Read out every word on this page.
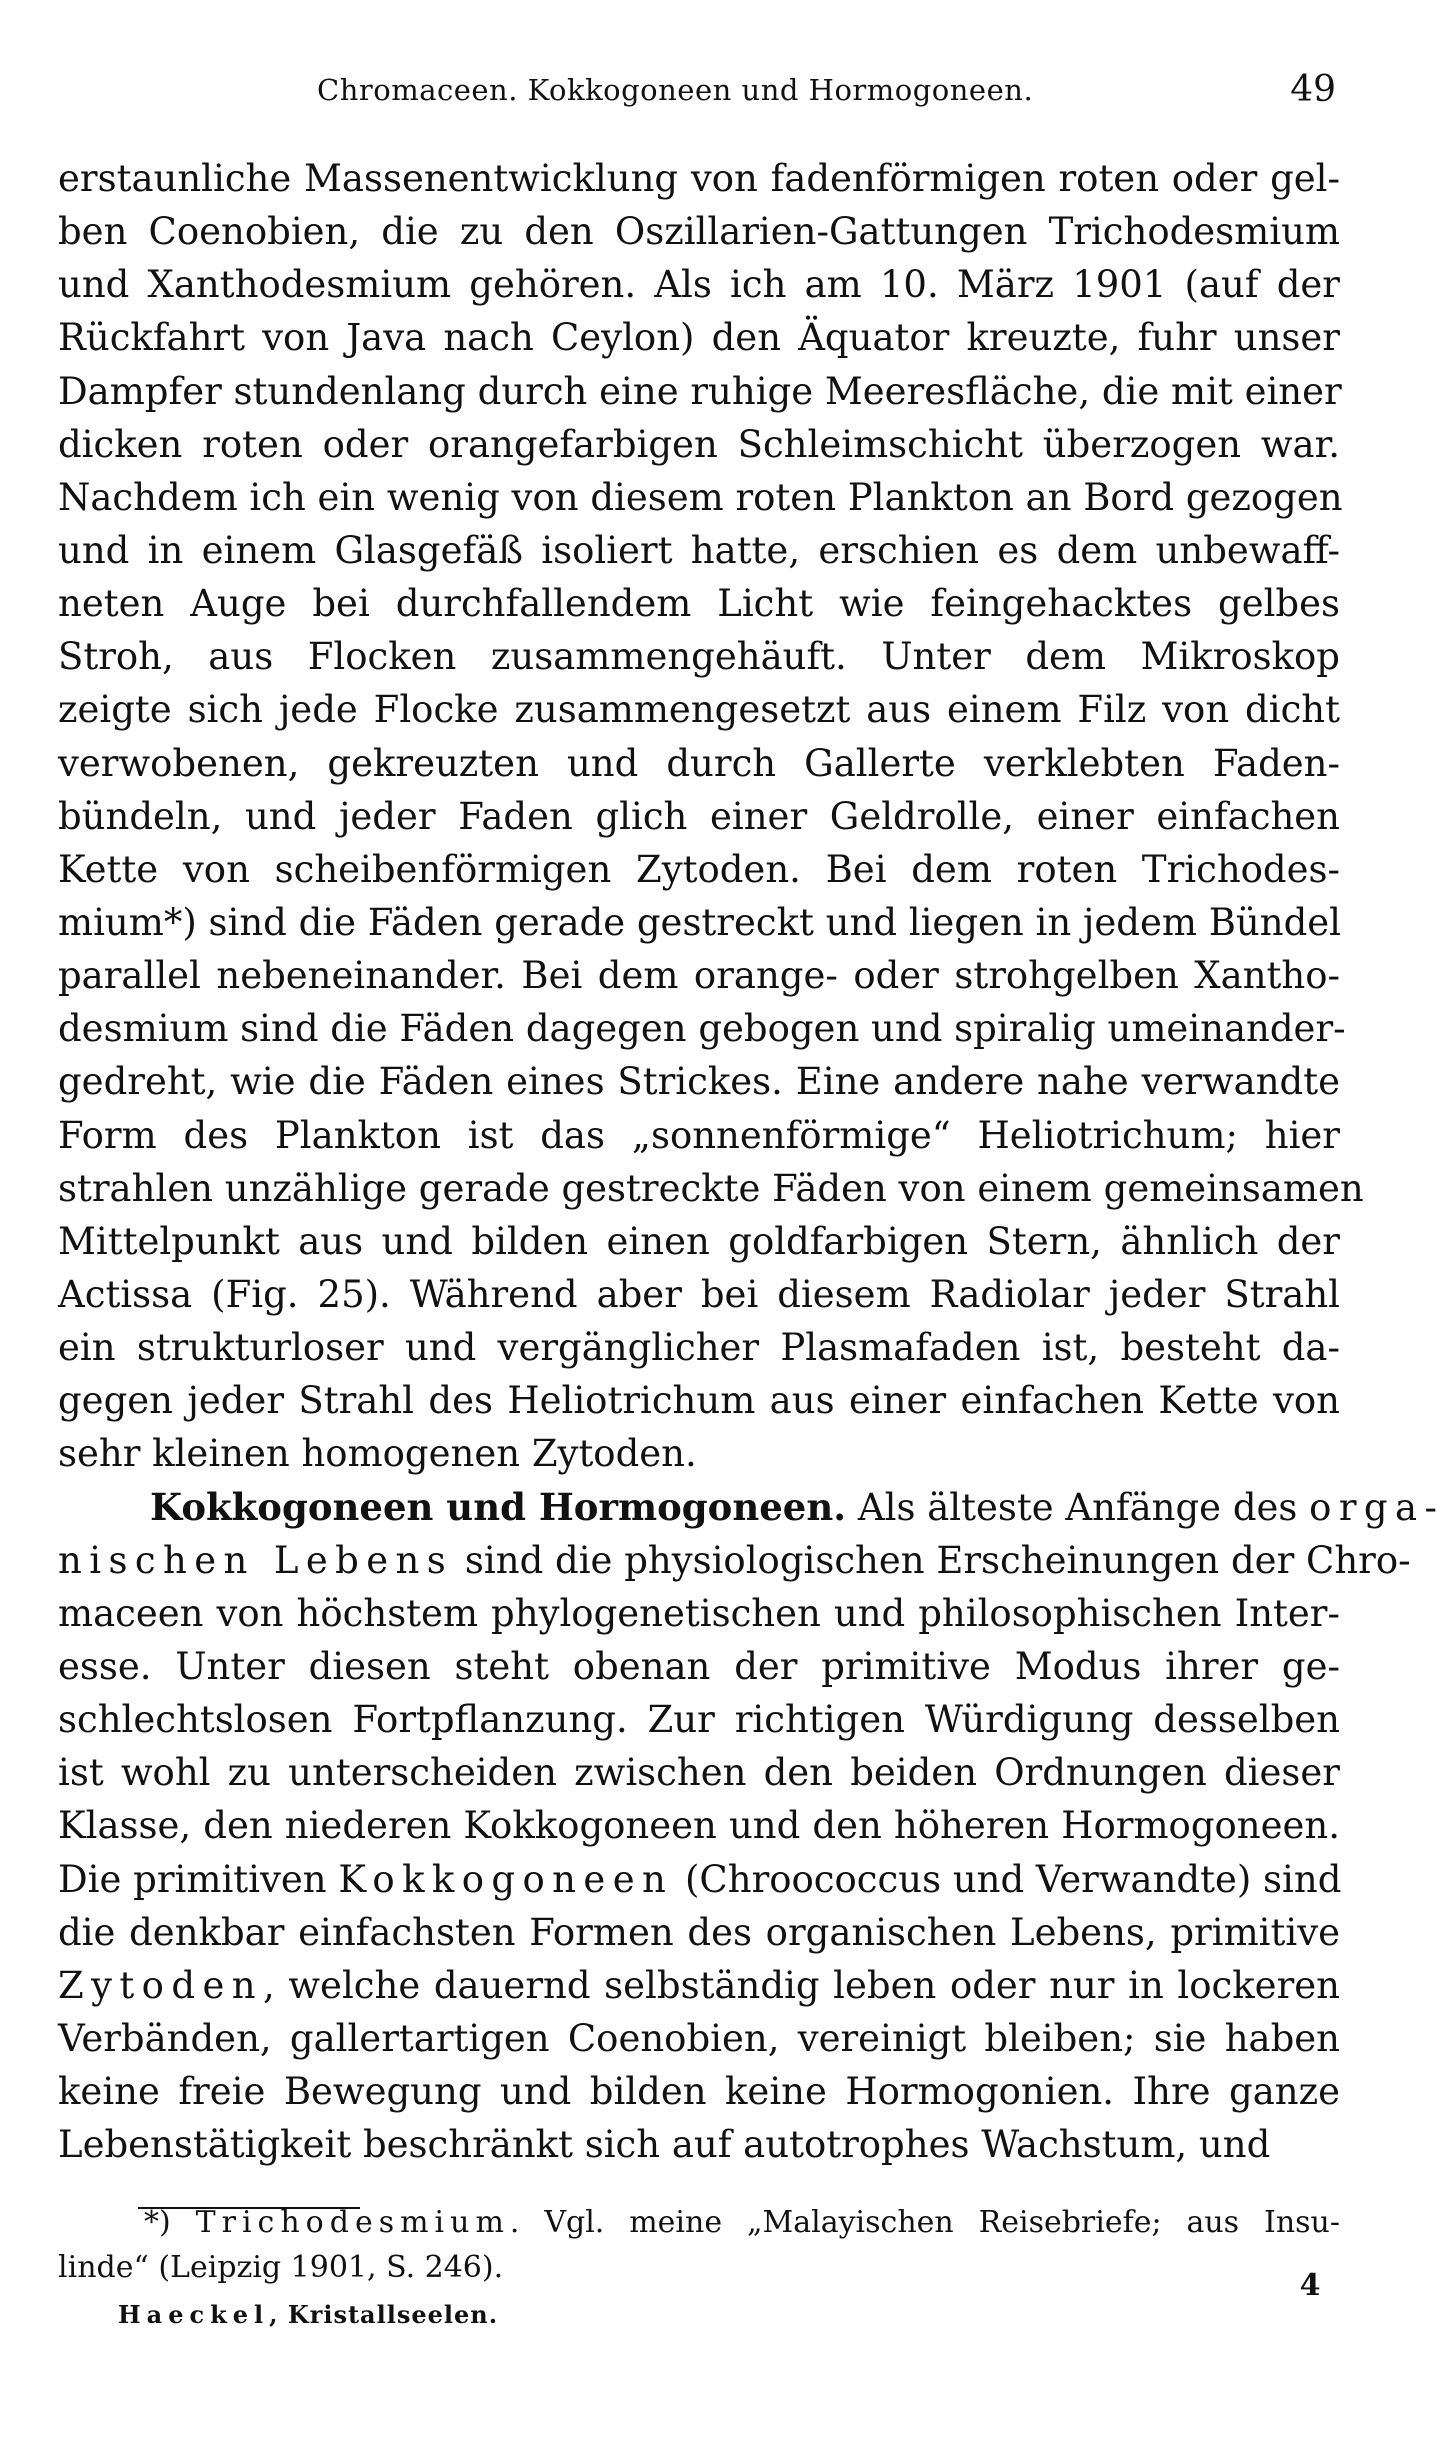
Chromaceen. Kokkogoneen und Hormogoneen.	49
erstaunliche Massenentwicklung von fadenförmigen roten oder gel-
ben Coenobien, die zu den Oszillarien-Gattungen Trichodesmium
und Xanthodesmium gehören. Als ich am 10. März 1901 (auf der
Rückfahrt von Java nach Ceylon) den Äquator kreuzte, fuhr unser
Dampfer stundenlang durch eine ruhige Meeresfläche, die mit einer
dicken roten oder orangefarbigen Schleimschicht überzogen war.
Nachdem ich ein wenig von diesem roten Plankton an Bord gezogen
und in einem Glasgefäß isoliert hatte, erschien es dem unbewaff-
neten Auge bei durchfallendem Licht wie feingehacktes gelbes
Stroh, aus Flocken zusammengehäuft. Unter dem Mikroskop
zeigte sich jede Flocke zusammengesetzt aus einem Filz von dicht
verwobenen, gekreuzten und durch Gallerte verklebten Faden-
bündeln, und jeder Faden glich einer Geldrolle, einer einfachen
Kette von scheibenförmigen Zytoden. Bei dem roten Trichodes-
mium*) sind die Fäden gerade gestreckt und liegen in jedem Bündel
parallel nebeneinander. Bei dem orange- oder strohgelben Xantho-
desmium sind die Fäden dagegen gebogen und spiralig umeinander-
gedreht, wie die Fäden eines Strickes. Eine andere nahe verwandte
Form des Plankton ist das „sonnenförmige“ Heliotrichum; hier
strahlen unzählige gerade gestreckte Fäden von einem gemeinsamen
Mittelpunkt aus und bilden einen goldfarbigen Stern, ähnlich der
Actissa (Fig. 25). Während aber bei diesem Radiolar jeder Strahl
ein strukturloser und vergänglicher Plasmafaden ist, besteht da-
gegen jeder Strahl des Heliotrichum aus einer einfachen Kette von
sehr kleinen homogenen Zytoden.
Kokkogoneen und Hormogoneen. Als älteste Anfänge des orga-
nischen Lebens sind die physiologischen Erscheinungen der Chro-
maceen von höchstem phylogenetischen und philosophischen Inter-
esse. Unter diesen steht obenan der primitive Modus ihrer ge-
schlechtslosen Fortpflanzung. Zur richtigen Würdigung desselben
ist wohl zu unterscheiden zwischen den beiden Ordnungen dieser
Klasse, den niederen Kokkogoneen und den höheren Hormogoneen.
Die primitiven Kokkogoneen (Chroococcus und Verwandte) sind
die denkbar einfachsten Formen des organischen Lebens, primitive
Zytoden, welche dauernd selbständig leben oder nur in lockeren
Verbänden, gallertartigen Coenobien, vereinigt bleiben; sie haben
keine freie Bewegung und bilden keine Hormogonien. Ihre ganze
Lebenstätigkeit beschränkt sich auf autotrophes Wachstum, und
*) Trichodesmium. Vgl. meine „Malayischen Reisebriefe; aus Insu-
linde“ (Leipzig 1901, S. 246).
Haeckel, Kristallseelen.
4
